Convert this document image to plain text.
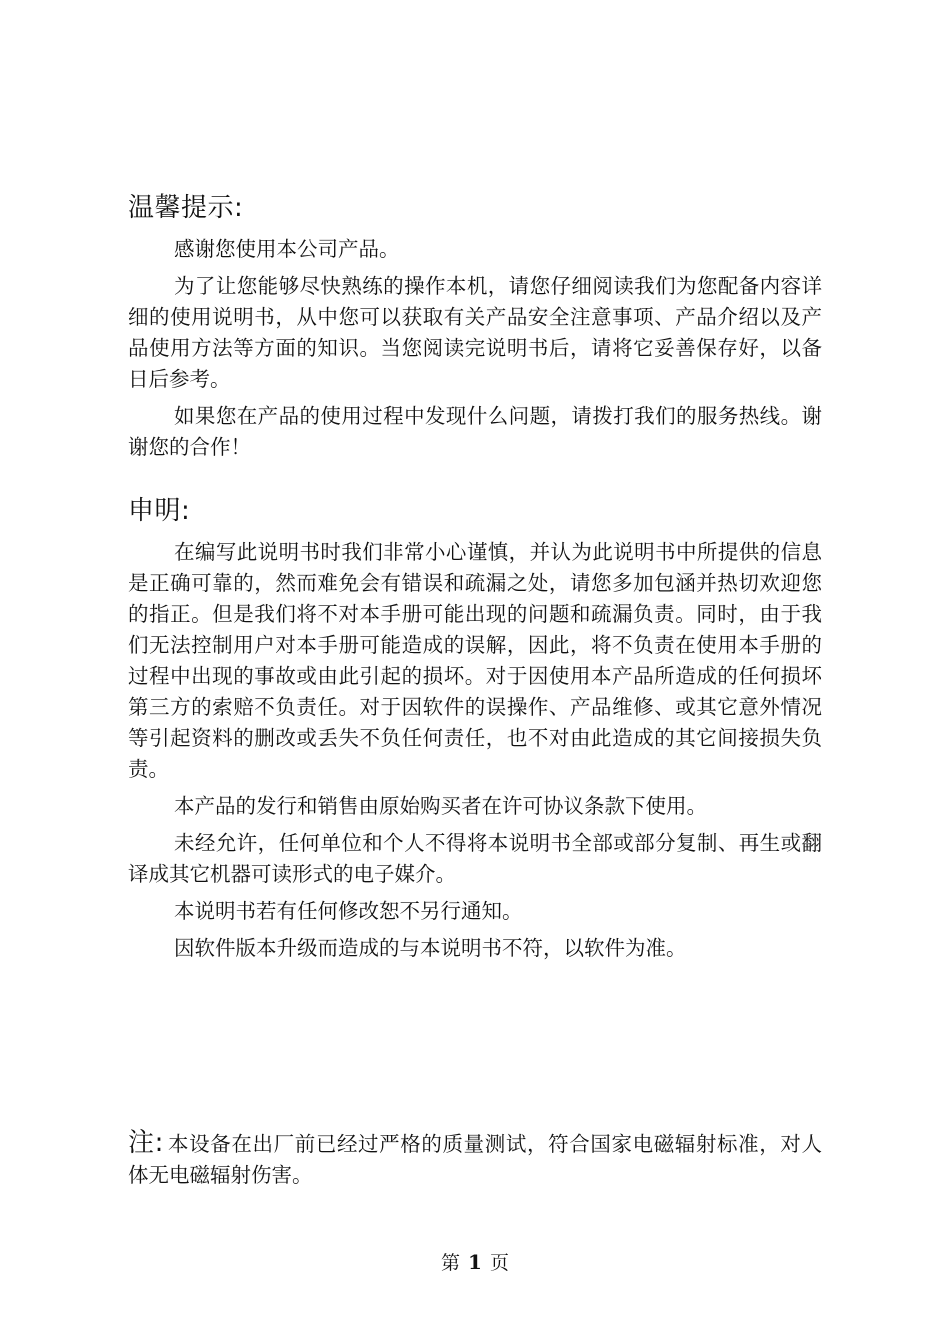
温馨提示:

感谢您使用本公司产品。

为了让您能够尽快熟练的操作本机，请您仔细阅读我们为您配备内容详细的使用说明书，从中您可以获取有关产品安全注意事项、产品介绍以及产品使用方法等方面的知识。当您阅读完说明书后，请将它妥善保存好，以备日后参考。

如果您在产品的使用过程中发现什么问题，请拨打我们的服务热线。谢谢您的合作！

申明:

在编写此说明书时我们非常小心谨慎，并认为此说明书中所提供的信息是正确可靠的，然而难免会有错误和疏漏之处，请您多加包涵并热切欢迎您的指正。但是我们将不对本手册可能出现的问题和疏漏负责。同时，由于我们无法控制用户对本手册可能造成的误解，因此，将不负责在使用本手册的过程中出现的事故或由此引起的损坏。对于因使用本产品所造成的任何损坏第三方的索赔不负责任。对于因软件的误操作、产品维修、或其它意外情况等引起资料的删改或丢失不负任何责任，也不对由此造成的其它间接损失负责。

本产品的发行和销售由原始购买者在许可协议条款下使用。

未经允许，任何单位和个人不得将本说明书全部或部分复制、再生或翻译成其它机器可读形式的电子媒介。

本说明书若有任何修改恕不另行通知。

因软件版本升级而造成的与本说明书不符，以软件为准。

注: 本设备在出厂前已经过严格的质量测试，符合国家电磁辐射标准，对人体无电磁辐射伤害。
第 1 页
